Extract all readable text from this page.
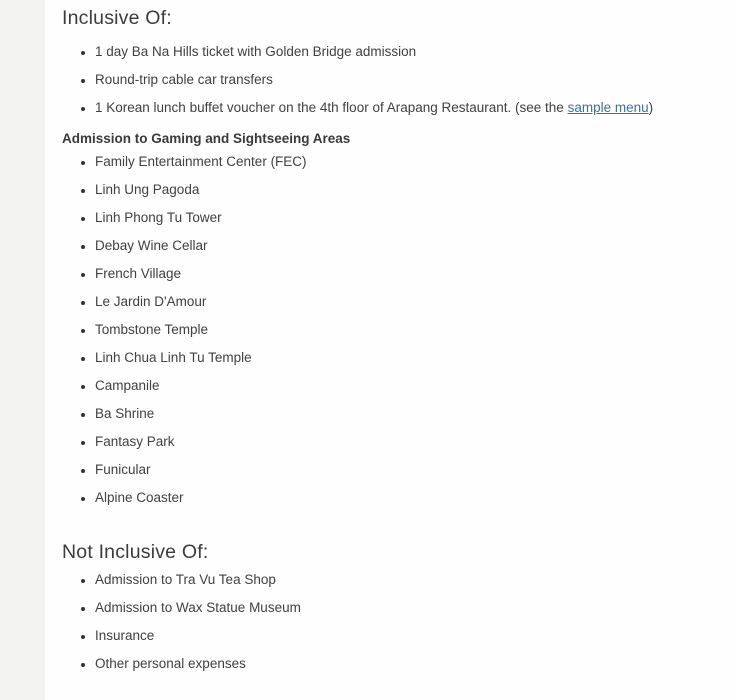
Inclusive Of:
• 1 day Ba Na Hills ticket with Golden Bridge admission
• Round-trip cable car transfers
• 1 Korean lunch buffet voucher on the 4th floor of Arapang Restaurant. (see the sample menu)
Admission to Gaming and Sightseeing Areas
• Family Entertainment Center (FEC)
• Linh Ung Pagoda
• Linh Phong Tu Tower
• Debay Wine Cellar
• French Village
• Le Jardin D'Amour
• Tombstone Temple
• Linh Chua Linh Tu Temple
• Campanile
• Ba Shrine
• Fantasy Park
• Funicular
• Alpine Coaster
Not Inclusive Of:
• Admission to Tra Vu Tea Shop
• Admission to Wax Statue Museum
• Insurance
• Other personal expenses
